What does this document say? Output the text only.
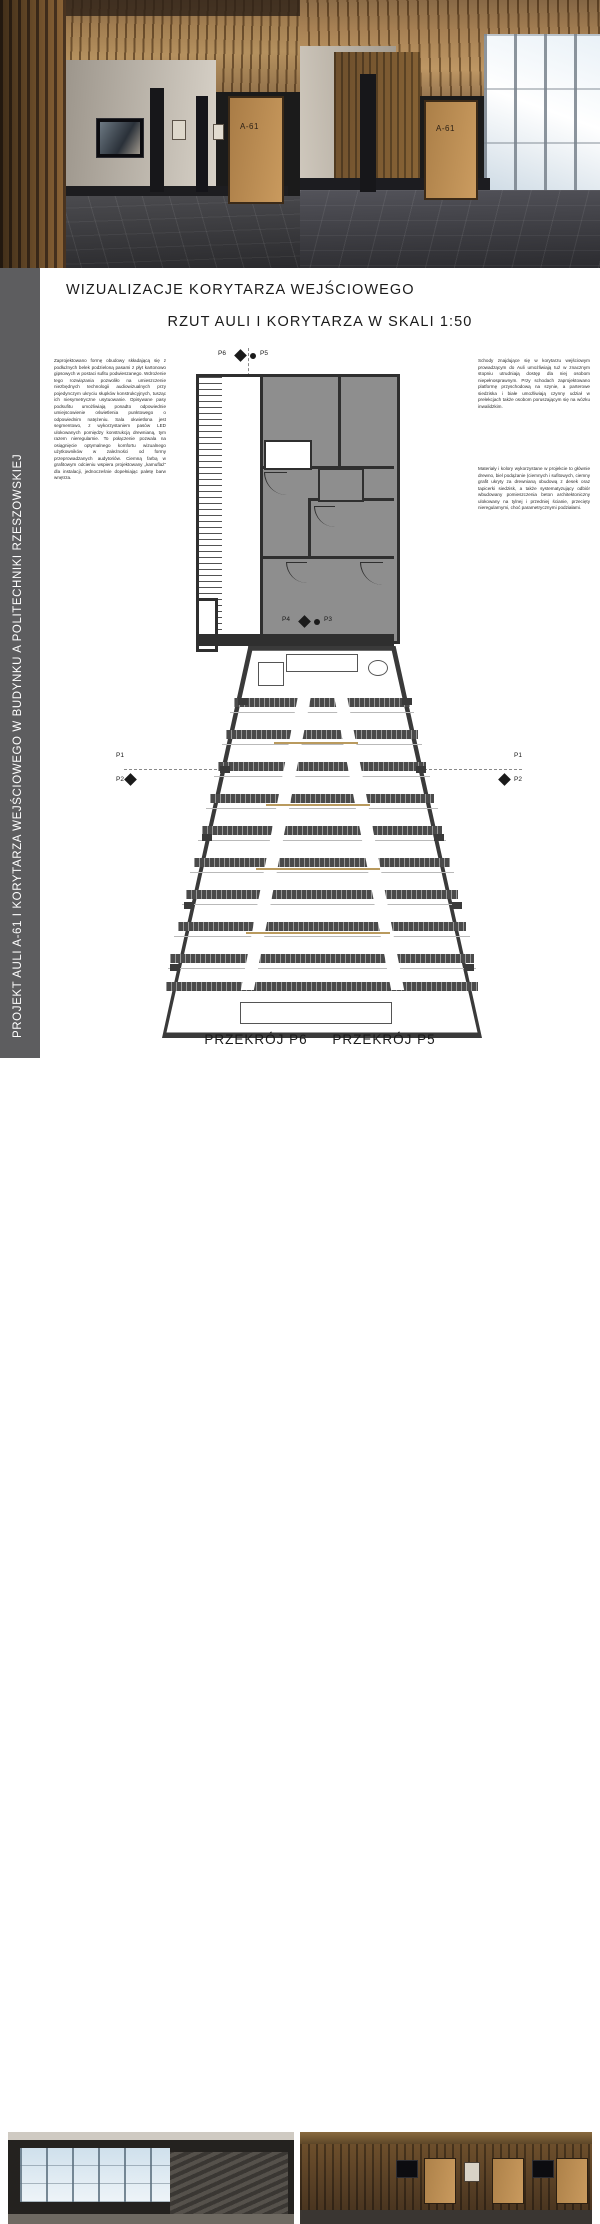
A-61	A-61
PROJEKT AULI A-61 I KORYTARZA WEJŚCIOWEGO W BUDYNKU A POLITECHNIKI RZESZOWSKIEJ
WIZUALIZACJE KORYTARZA WEJŚCIOWEGO
RZUT AULI I KORYTARZA W SKALI 1:50
Zaprojektowano formę obudowy składającą się z podłużnych belek podzieloną pasami z płyt kartonowo gipsowych w postaci sufitu podwieszanego. Wdrożenie tego rozwiązania pozwoliło na umieszczenie niezbędnych technologii audiowizualnych przy pojedynczym ukryciu słupków konstrukcyjnych, tusząc ich niesymetryczne usytuowanie. Opisywane pasy podsufitu umożliwiają ponadto odpowiednie umiejscowienie oświetlenia punktowego o odpowiednim natężeniu. Sala okwietlona jest segmentowo, z wykorzystaniem pasów LED ulokowanych pomiędzy konstrukcją drewnianą, tym razem nieregularnie. To połączenie pozwala na osiągnięcie optymalnego komfortu wizualnego użytkowników w zależności od formy przeprowadzanych audytoriów. Ciemną farbą w grafitowym odcieniu wspiera projektowany „kamuflaż” dla instalacji, jednocześnie dopełniając paletę barw wnętrza.
Schody znajdujące się w korytarzu wejściowym prowadzącym do Auli umożliwiają tuż w znacznym stopniu utrudniają dostęp dla niej osobom niepełnosprawnym. Przy schodach zaprojektowano platformę przyschodową na szynie, a parterowe siedziska i białe umożliwiają czynny udział w prelekcjach także osobom poruszającym się na wózku inwalidzkim.
Materiały i kolory wykorzystane w projekcie to głównie drewno, biel podążanie (ciemnych i sufitowych, ciemny grafit ukryty za drewnianą obudową z desek oraz tapicerki siedzisk, a także systematyzujący odbiór wbudowany pomieszczenia beton architektoniczny ulokowany na tylnej i przedniej ścianie, przecięty nieregularnymi, choć parametrycznymi podziałami.
P6	P5
P4	P3
P1
P2
P1
P2
PRZEKRÓJ P6 PRZEKRÓJ P5
